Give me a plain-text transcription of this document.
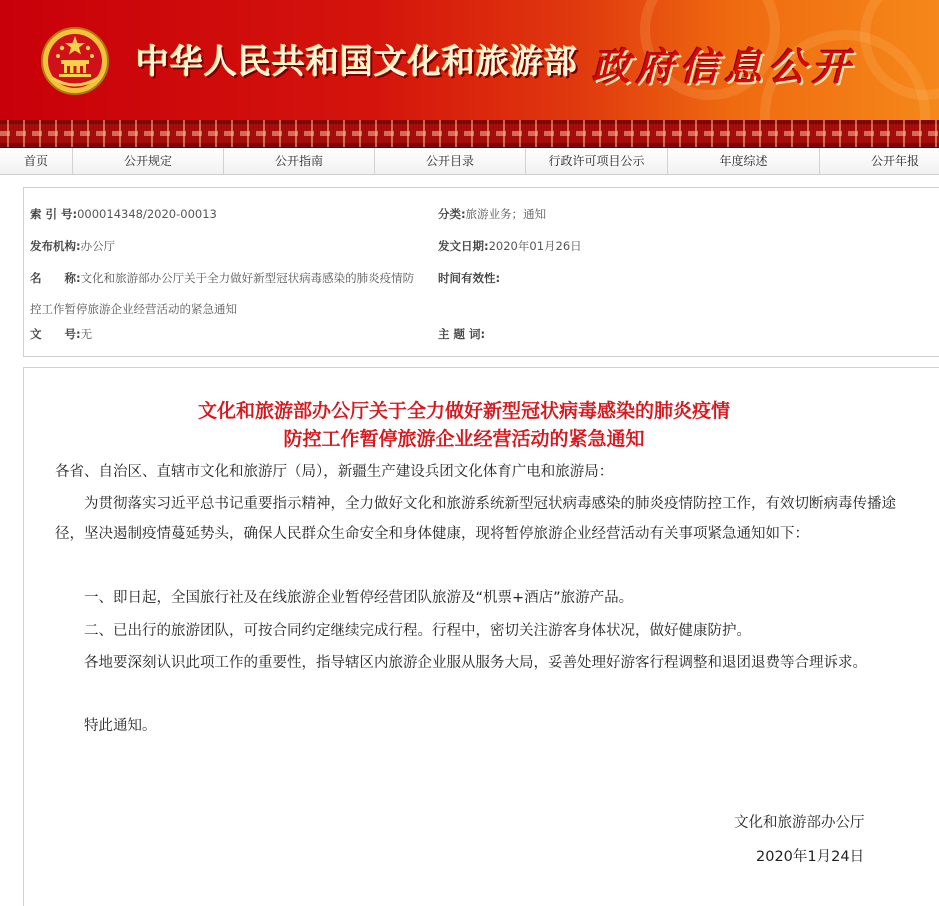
中华人民共和国文化和旅游部 政府信息公开
首页	公开规定	公开指南	公开目录	行政许可项目公示	年度综述	公开年报
索 引 号:000014348/2020-00013	分类:旅游业务；通知
发布机构:办公厅	发文日期:2020年01月26日
名　　称:文化和旅游部办公厅关于全力做好新型冠状病毒感染的肺炎疫情防
控工作暂停旅游企业经营活动的紧急通知
时间有效性:
文　　号:无	主 题 词:
文化和旅游部办公厅关于全力做好新型冠状病毒感染的肺炎疫情
防控工作暂停旅游企业经营活动的紧急通知
各省、自治区、直辖市文化和旅游厅（局），新疆生产建设兵团文化体育广电和旅游局：
为贯彻落实习近平总书记重要指示精神，全力做好文化和旅游系统新型冠状病毒感染的肺炎疫情防控工作，有效切断病毒传播途径，坚决遏制疫情蔓延势头，确保人民群众生命安全和身体健康，现将暂停旅游企业经营活动有关事项紧急通知如下：
一、即日起，全国旅行社及在线旅游企业暂停经营团队旅游及“机票+酒店”旅游产品。
二、已出行的旅游团队，可按合同约定继续完成行程。行程中，密切关注游客身体状况，做好健康防护。
各地要深刻认识此项工作的重要性，指导辖区内旅游企业服从服务大局，妥善处理好游客行程调整和退团退费等合理诉求。
特此通知。
文化和旅游部办公厅
2020年1月24日
